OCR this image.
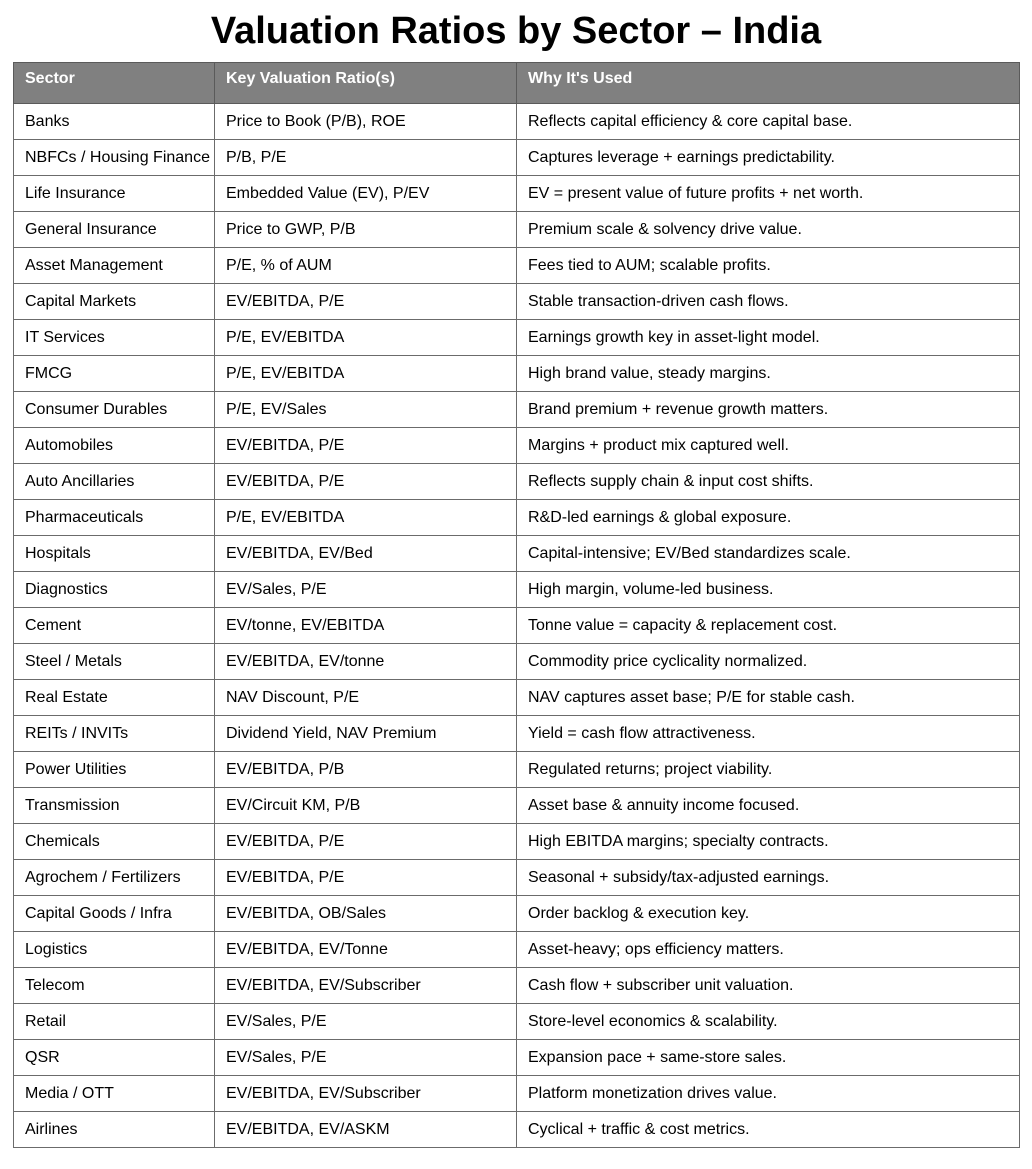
Valuation Ratios by Sector – India
Sector	Key Valuation Ratio(s)	Why It's Used
Banks	Price to Book (P/B), ROE	Reflects capital efficiency & core capital base.
NBFCs / Housing Finance	P/B, P/E	Captures leverage + earnings predictability.
Life Insurance	Embedded Value (EV), P/EV	EV = present value of future profits + net worth.
General Insurance	Price to GWP, P/B	Premium scale & solvency drive value.
Asset Management	P/E, % of AUM	Fees tied to AUM; scalable profits.
Capital Markets	EV/EBITDA, P/E	Stable transaction-driven cash flows.
IT Services	P/E, EV/EBITDA	Earnings growth key in asset-light model.
FMCG	P/E, EV/EBITDA	High brand value, steady margins.
Consumer Durables	P/E, EV/Sales	Brand premium + revenue growth matters.
Automobiles	EV/EBITDA, P/E	Margins + product mix captured well.
Auto Ancillaries	EV/EBITDA, P/E	Reflects supply chain & input cost shifts.
Pharmaceuticals	P/E, EV/EBITDA	R&D-led earnings & global exposure.
Hospitals	EV/EBITDA, EV/Bed	Capital-intensive; EV/Bed standardizes scale.
Diagnostics	EV/Sales, P/E	High margin, volume-led business.
Cement	EV/tonne, EV/EBITDA	Tonne value = capacity & replacement cost.
Steel / Metals	EV/EBITDA, EV/tonne	Commodity price cyclicality normalized.
Real Estate	NAV Discount, P/E	NAV captures asset base; P/E for stable cash.
REITs / INVITs	Dividend Yield, NAV Premium	Yield = cash flow attractiveness.
Power Utilities	EV/EBITDA, P/B	Regulated returns; project viability.
Transmission	EV/Circuit KM, P/B	Asset base & annuity income focused.
Chemicals	EV/EBITDA, P/E	High EBITDA margins; specialty contracts.
Agrochem / Fertilizers	EV/EBITDA, P/E	Seasonal + subsidy/tax-adjusted earnings.
Capital Goods / Infra	EV/EBITDA, OB/Sales	Order backlog & execution key.
Logistics	EV/EBITDA, EV/Tonne	Asset-heavy; ops efficiency matters.
Telecom	EV/EBITDA, EV/Subscriber	Cash flow + subscriber unit valuation.
Retail	EV/Sales, P/E	Store-level economics & scalability.
QSR	EV/Sales, P/E	Expansion pace + same-store sales.
Media / OTT	EV/EBITDA, EV/Subscriber	Platform monetization drives value.
Airlines	EV/EBITDA, EV/ASKM	Cyclical + traffic & cost metrics.
